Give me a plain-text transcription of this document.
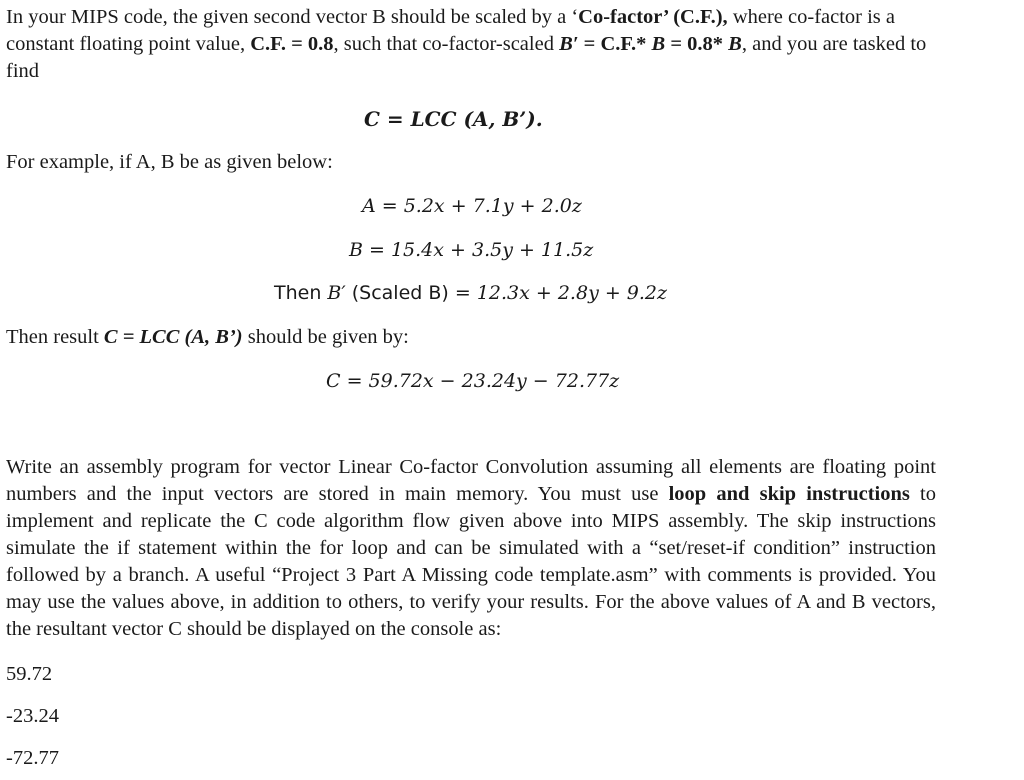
In your MIPS code, the given second vector B should be scaled by a ‘Co-factor’ (C.F.), where co-factor is a constant floating point value, C.F. = 0.8, such that co-factor-scaled B′ = C.F.* B = 0.8* B, and you are tasked to find
C = LCC (A, B’).
For example, if A, B be as given below:
A = 5.2x + 7.1y + 2.0z
B = 15.4x + 3.5y + 11.5z
Then B′ (Scaled B) = 12.3x + 2.8y + 9.2z
Then result C = LCC (A, B’) should be given by:
C = 59.72x − 23.24y − 72.77z
Write an assembly program for vector Linear Co-factor Convolution assuming all elements are floating point numbers and the input vectors are stored in main memory. You must use loop and skip instructions to implement and replicate the C code algorithm flow given above into MIPS assembly. The skip instructions simulate the if statement within the for loop and can be simulated with a “set/reset-if condition” instruction followed by a branch. A useful “Project 3 Part A Missing code template.asm” with comments is provided. You may use the values above, in addition to others, to verify your results. For the above values of A and B vectors, the resultant vector C should be displayed on the console as:
59.72
-23.24
-72.77
